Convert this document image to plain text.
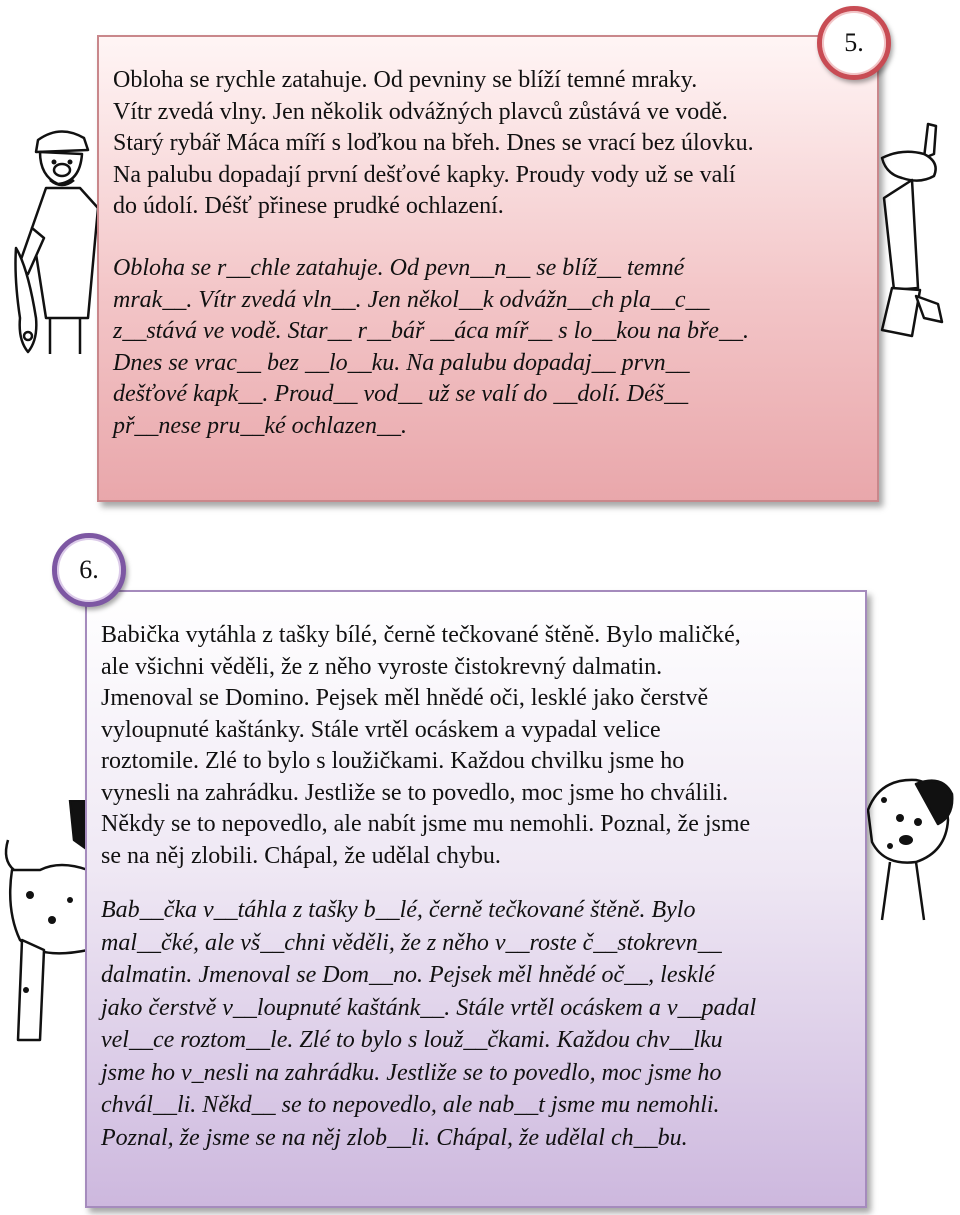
Obloha se rychle zatahuje. Od pevniny se blíží temné mraky.
Vítr zvedá vlny. Jen několik odvážných plavců zůstává ve vodě.
Starý rybář Máca míří s loďkou na břeh. Dnes se vrací bez úlovku.
Na palubu dopadají první dešťové kapky. Proudy vody už se valí
do údolí. Déšť přinese prudké ochlazení.
Obloha se r__chle zatahuje. Od pevn__n__ se blíž__ temné
mrak__. Vítr zvedá vln__. Jen někol__k odvážn__ch pla__c__
z__stává ve vodě. Star__ r__bář __áca míř__ s lo__kou na bře__.
Dnes se vrac__ bez __lo__ku. Na palubu dopadaj__ prvn__
dešťové kapk__. Proud__ vod__ už se valí do __dolí. Déš__
př__nese pru__ké ochlazen__.
5.
Babička vytáhla z tašky bílé, černě tečkované štěně. Bylo maličké,
ale všichni věděli, že z něho vyroste čistokrevný dalmatin.
Jmenoval se Domino. Pejsek měl hnědé oči, lesklé jako čerstvě
vyloupnuté kaštánky. Stále vrtěl ocáskem a vypadal velice
roztomile. Zlé to bylo s loužičkami. Každou chvilku jsme ho
vynesli na zahrádku. Jestliže se to povedlo, moc jsme ho chválili.
Někdy se to nepovedlo, ale nabít jsme mu nemohli. Poznal, že jsme
se na něj zlobili. Chápal, že udělal chybu.
Bab__čka v__táhla z tašky b__lé, černě tečkované štěně. Bylo
mal__čké, ale vš__chni věděli, že z něho v__roste č__stokrevn__
dalmatin. Jmenoval se Dom__no. Pejsek měl hnědé oč__, lesklé
jako čerstvě v__loupnuté kaštánk__. Stále vrtěl ocáskem a v__padal
vel__ce roztom__le. Zlé to bylo s louž__čkami. Každou chv__lku
jsme ho v_nesli na zahrádku. Jestliže se to povedlo, moc jsme ho
chvál__li. Někd__ se to nepovedlo, ale nab__t jsme mu nemohli.
Poznal, že jsme se na něj zlob__li. Chápal, že udělal ch__bu.
6.
